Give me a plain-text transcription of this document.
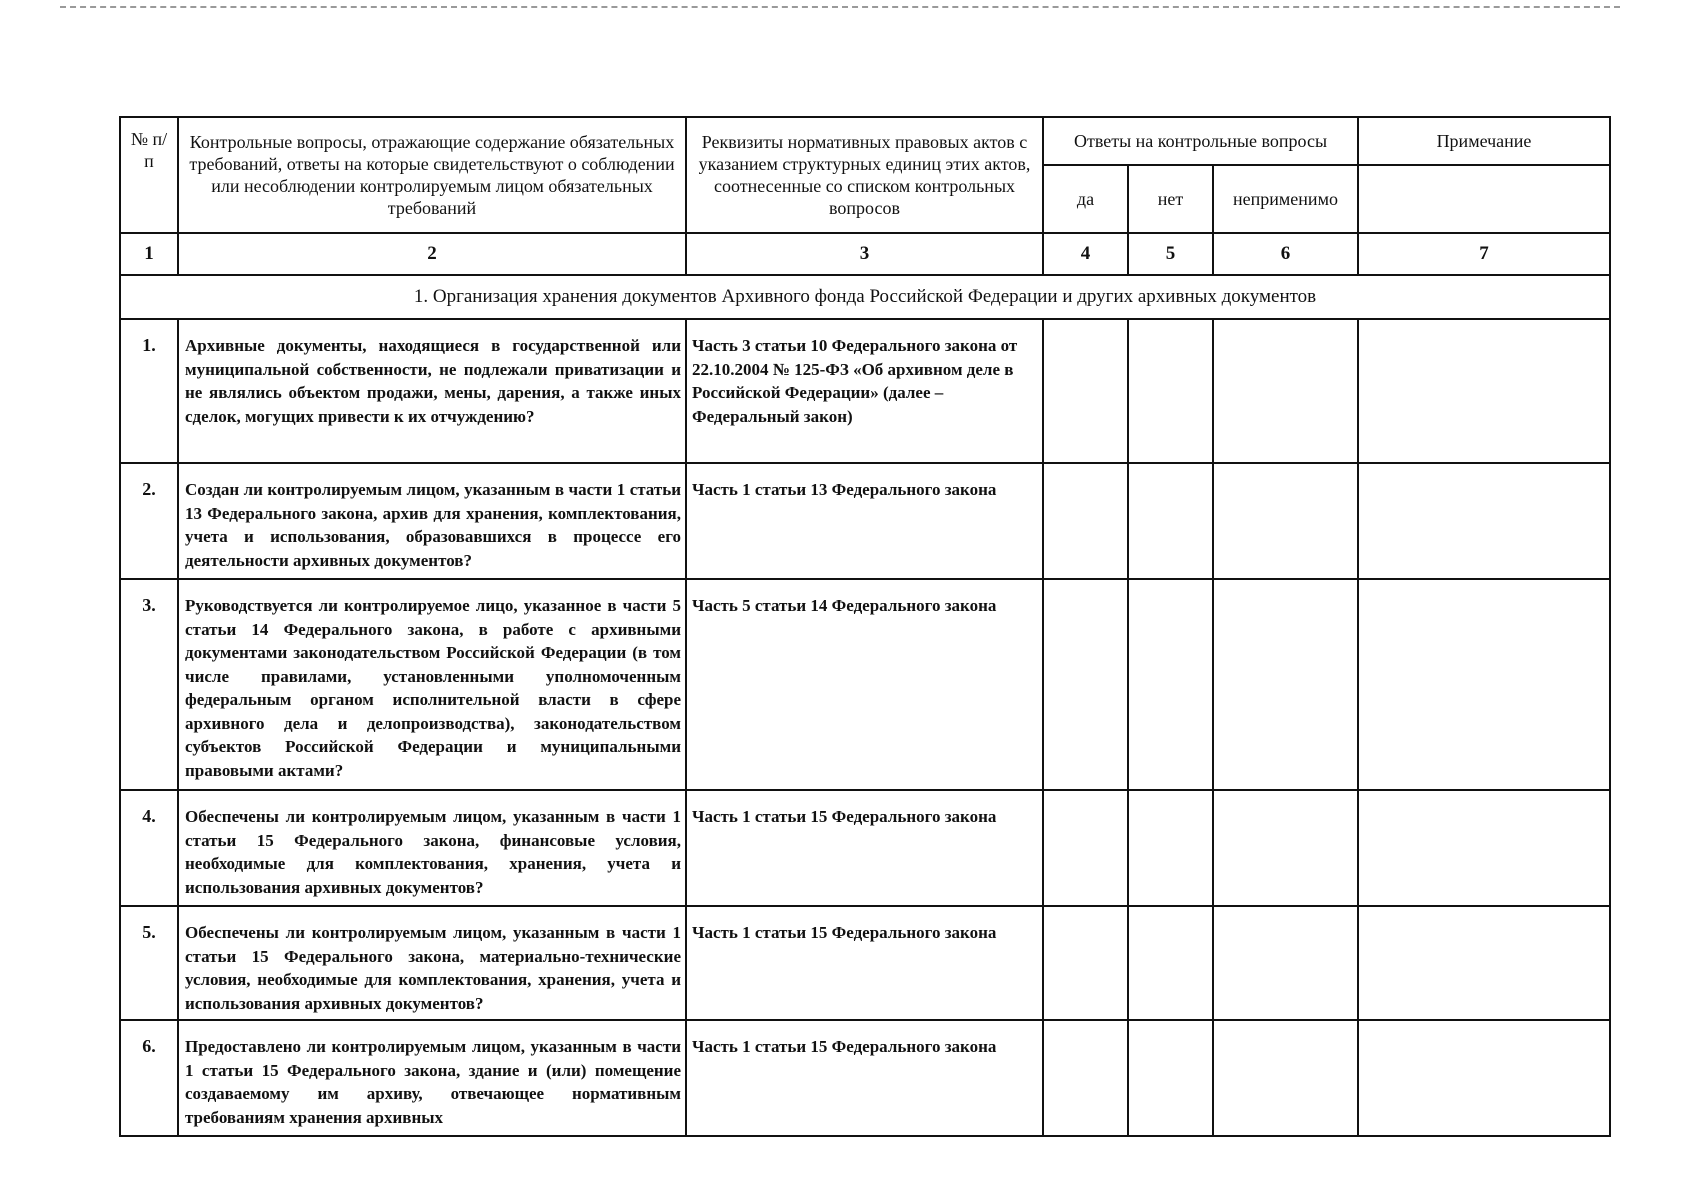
№ п/п	Контрольные вопросы, отражающие содержание обязательных требований, ответы на которые свидетельствуют о соблюдении или несоблюдении контролируемым лицом обязательных требований	Реквизиты нормативных правовых актов с указанием структурных единиц этих актов, соотнесенные со списком контрольных вопросов	Ответы на контрольные вопросы			Примечание
			да	нет	неприменимо	
1	2	3	4	5	6	7
1. Организация хранения документов Архивного фонда Российской Федерации и других архивных документов						
1.	Архивные документы, находящиеся в государственной или муниципальной собственности, не подлежали приватизации и не являлись объектом продажи, мены, дарения, а также иных сделок, могущих привести к их отчуждению?	Часть 3 статьи 10 Федерального закона от 22.10.2004 № 125-ФЗ «Об архивном деле в Российской Федерации» (далее – Федеральный закон)				
2.	Создан ли контролируемым лицом, указанным в части 1 статьи 13 Федерального закона, архив для хранения, комплектования, учета и использования, образовавшихся в процессе его деятельности архивных документов?	Часть 1 статьи 13 Федерального закона				
3.	Руководствуется ли контролируемое лицо, указанное в части 5 статьи 14 Федерального закона, в работе с архивными документами законодательством Российской Федерации (в том числе правилами, установленными уполномоченным федеральным органом исполнительной власти в сфере архивного дела и делопроизводства), законодательством субъектов Российской Федерации и муниципальными правовыми актами?	Часть 5 статьи 14 Федерального закона				
4.	Обеспечены ли контролируемым лицом, указанным в части 1 статьи 15 Федерального закона, финансовые условия, необходимые для комплектования, хранения, учета и использования архивных документов?	Часть 1 статьи 15 Федерального закона				
5.	Обеспечены ли контролируемым лицом, указанным в части 1 статьи 15 Федерального закона, материально-технические условия, необходимые для комплектования, хранения, учета и использования архивных документов?	Часть 1 статьи 15 Федерального закона				
6.	Предоставлено ли контролируемым лицом, указанным в части 1 статьи 15 Федерального закона, здание и (или) помещение создаваемому им архиву, отвечающее нормативным требованиям хранения архивных	Часть 1 статьи 15 Федерального закона				
